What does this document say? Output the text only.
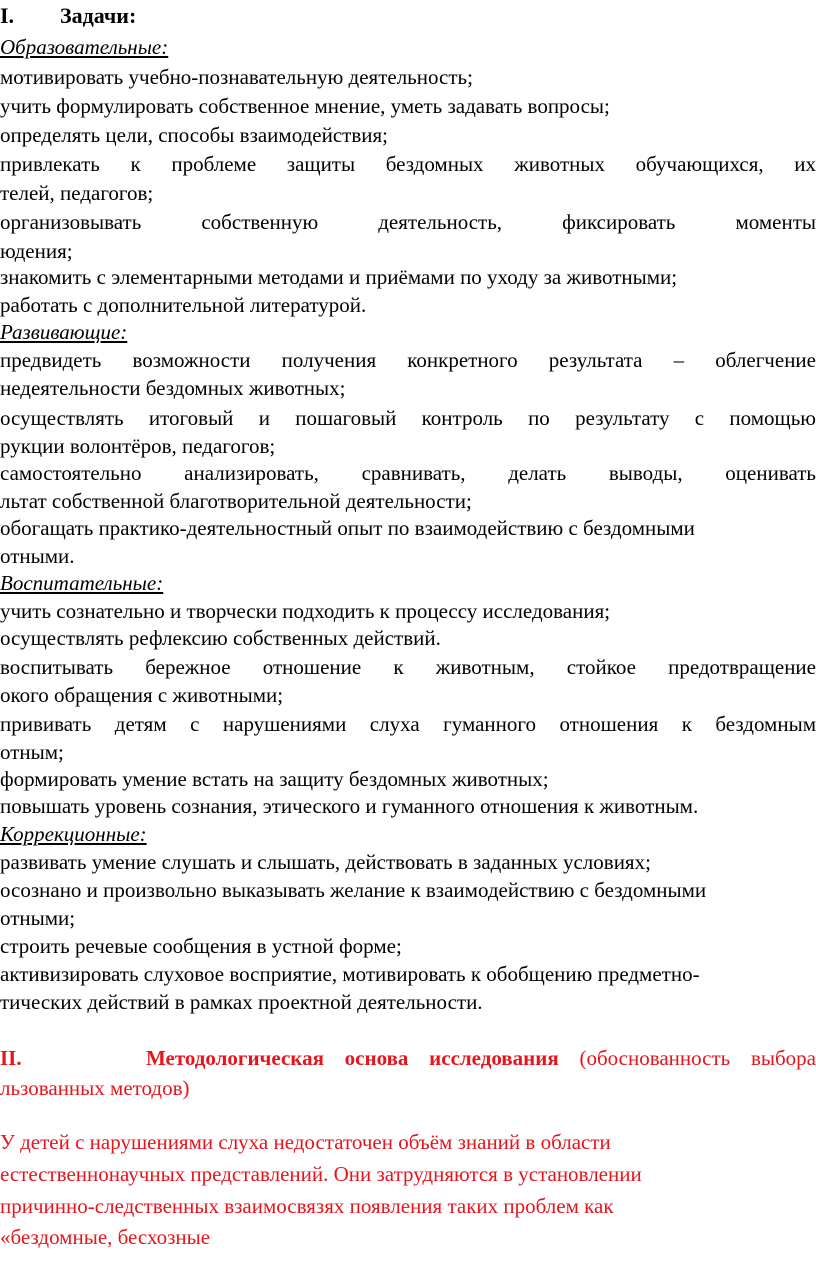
I. Задачи:
Образовательные:
мотивировать учебно-познавательную деятельность;
учить формулировать собственное мнение, уметь задавать вопросы;
определять цели, способы взаимодействия;
привлекать к проблеме защиты бездомных животных обучающихся, их
телей, педагогов;
организовывать собственную деятельность, фиксировать моменты
юдения;
знакомить с элементарными методами и приёмами по уходу за животными;
работать с дополнительной литературой.
Развивающие:
предвидеть возможности получения конкретного результата – облегчение
недеятельности бездомных животных;
осуществлять итоговый и пошаговый контроль по результату с помощью
рукции волонтёров, педагогов;
самостоятельно анализировать, сравнивать, делать выводы, оценивать
льтат собственной благотворительной деятельности;
обогащать практико-деятельностный опыт по взаимодействию с бездомными
отными.
Воспитательные:
учить сознательно и творчески подходить к процессу исследования;
осуществлять рефлексию собственных действий.
воспитывать бережное отношение к животным, стойкое предотвращение
окого обращения с животными;
прививать детям с нарушениями слуха гуманного отношения к бездомным
отным;
формировать умение встать на защиту бездомных животных;
повышать уровень сознания, этического и гуманного отношения к животным.
Коррекционные:
развивать умение слушать и слышать, действовать в заданных условиях;
осознано и произвольно выказывать желание к взаимодействию с бездомными
отными;
строить речевые сообщения в устной форме;
активизировать слуховое восприятие, мотивировать к обобщению предметно-
тических действий в рамках проектной деятельности.
II.	Методологическая основа исследования (обоснованность выбора
льзованных методов)
У детей с нарушениями слуха недостаточен объём знаний в области
естественнонаучных представлений. Они затрудняются в установлении
причинно-следственных взаимосвязях появления таких проблем как
«бездомные, бесхозные
